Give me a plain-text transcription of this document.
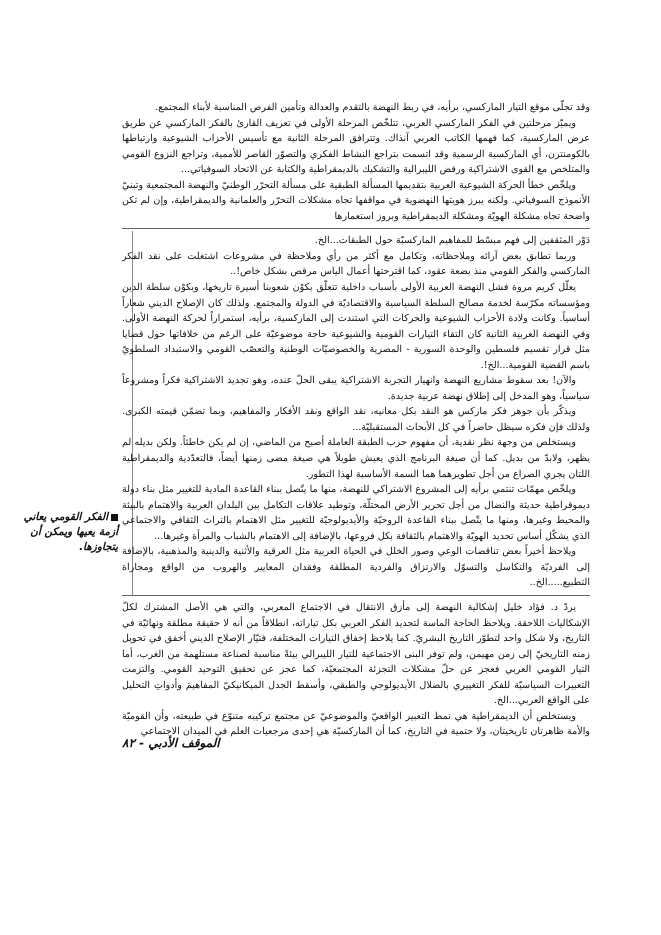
وقد تجلّى موقع التيار الماركسي، برأيه، في ربط النهضة بالتقدم والعدالة وتأمين الفرص المناسبة لأبناء المجتمع.

ويميّز مرحلتين في الفكر الماركسي العربي، تتلخّص المرحلة الأولى في تعريف القارئ بالفكر الماركسي عن طريق عرض الماركسية، كما فهمها الكاتب العربي آنذاك. وتترافق المرحلة الثانية مع تأسيس الأحزاب الشيوعية وارتباطها بالكومنترن، أي الماركسية الرسمية وقد اتسمت بتراجع النشاط الفكري والتصوّر القاصر للأممية، وتراجع النزوع القومي والمتلخص مع القوى الاشتراكية ورفض الليبرالية والتشكيك بالديمقراطية والكتابة عن الاتحاد السوفياتي...

ويلخّص خطأ الحركة الشيوعية العربية بتقديمها المسألة الطبقية على مسألة التحرّر الوطنيّ والنهضة المجتمعية وتبنيّ الأنموذج السوفياتي. ولكنه يبرز هويتها النهضوية في مواقفها تجاه مشكلات التحرّر والعلمانية والديمقراطية، وإن لم تكن واضحة تجاه مشكلة الهويّة ومشكلة الديمقراطية وبروز استعمارها

دَوْر المثقفين إلى فهم مبسّط للمفاهيم الماركسيّة حول الطبقات...الخ.

وربما تطابق بعض آرائه وملاحظاته، وتكامل مع أكثر من رأي وملاحظة في مشروعات اشتغلت على نقد الفكر الماركسي والفكر القومي منذ بضعة عقود، كما اقترحتها أعمال الياس مرقص بشكل خاص!..

يعلّل كريم مروة فشل النهضة العربية الأولى بأسباب داخلية تتعلّق بكوْن شعوبنا أسيرة تاريخها، وبكوْن سلطة الدين ومؤسساته مكرّسة لخدمة مصالح السلطة السياسية والاقتصاديّة في الدولة والمجتمع. ولذلك كان الإصلاح الديني شعاراً أساسياً. وكانت ولادة الأحزاب الشيوعية والحركات التي استندت إلى الماركسية، برأيه، استمراراً لحركة النهضة الأولى. وفي النهضة العربية الثانية كان التقاء التيارات القومية والشيوعية حاجة موضوعيّة على الرغم من خلافاتها حول قضايا مثل قرار تقسيم فلسطين والوحدة السورية - المصرية والخصوصيّات الوطنية والتعصّب القومي والاستبداد السلطويّ باسم القضية القومية...الخ!.

والآن! بعد سقوط مشاريع النهضة وانهيار التجربة الاشتراكية يبقى الحلّ عنده، وهو تجديد الاشتراكية فكراً ومشروعاً سياسياً، وهو المدخل إلى إطلاق نهضة عربية جديدة.

ويذكّر بأن جوهر فكر ماركس هو النقد بكل معانيه، نقد الواقع ونقد الأفكار والمفاهيم، وبما تضمّن قيمته الكبرى. ولذلك فإن فكره سيظل حاضراً في كل الأبحاث المستقبليّة...

ويستخلص من وجهة نظر نقدية، أن مفهوم حزب الطبقة العاملة أصبح من الماضي، إن لم يكن خاطئاً. ولكن بديله لم يظهر، ولابدّ من بديل. كما أن صيغة البرنامج الذي يعيش طويلاً هي صيغة مضى زمنها أيضاً، فالتعدّدية والديمقراطية اللتان يجري الصراع من أجل تطويرهما هما السمة الأساسية لهذا التطور.

ويلخّص مهمّات تنتمي برأيه إلى المشروع الاشتراكي للنهضة، منها ما يتّصل ببناء القاعدة المادية للتغيير مثل بناء دولة ديموقراطية حديثة والنضال من أجل تحرير الأرض المحتلّة، وتوطيد علاقات التكامل بين البلدان العربية والاهتمام بالبيئة والمحيط وغيرها، ومنها ما يتّصل ببناء القاعدة الروحيّة والأيديولوجيّة للتغيير مثل الاهتمام بالتراث الثقافي والاجتماعي الذي يشكّل أساس تحديد الهويّة والاهتمام بالثقافة بكل فروعها، بالإضافة إلى الاهتمام بالشباب والمرأة وغيرها...

ويلاحظ أخيراً بعض تناقضات الوعي وصور الخلل في الحياة العربية مثل العرقية والأثنية والدينية والمذهبية، بالإضافة إلى الفرديّة والتكاسل والتسوّل والارتزاق والفردية المطلقة وفقدان المعايير والهروب من الواقع ومجاراة التطبيع.....الخ..

يردّ د. فؤاد خليل إشكالية النهضة إلى مأزق الانتقال في الاجتماع المعربي، والتي هي الأصل المشترك لكلّ الإشكاليات اللاحقة. ويلاحظ الحاجة الماسة لتجديد الفكر العربي بكل تياراته، انطلاقاً من أنه لا حقيقة مطلقة ونهائيّة في التاريخ، ولا شكل واحد لتطوّر التاريخ البشريّ. كما يلاحظ إخفاق التيارات المختلفة، فتيّار الإصلاح الديني أخفق في تحويل زمنه التاريخيّ إلى زمن مهيمن، ولم توفر البنى الاجتماعية للتيار الليبرالي بيئةً مناسبة لصناعة مستلهمة من الغرب، أما التيار القومي العربي فعجز عن حلّ مشكلات التجزئة المجتمعيّة، كما عجز عن تحقيق التوحيد القومي. والتزمت التعبيرات السياسيّة للفكر التغييري بالضلال الأيديولوجي والطبقي، وأسقط الجدل الميكانيكيّ المفاهيمَ وأدواتِ التحليل على الواقع العربي...الخ.

ويستخلص أن الديمقراطية هي نمط التعبير الواقعيّ والموضوعيّ عن مجتمع تركيبه متنوّع في طبيعته، وأن القوميّة والأمة ظاهرتان تاريخيتان، ولا حتمية في التاريخ، كما أن الماركسيّة هي إحدى مرجعيات العلم في الميدان الاجتماعي

الفكر القومي يعاني أزمة يعيها ويمكن أن يتجاوزها.
الموقف الأدبي - ٨٢
